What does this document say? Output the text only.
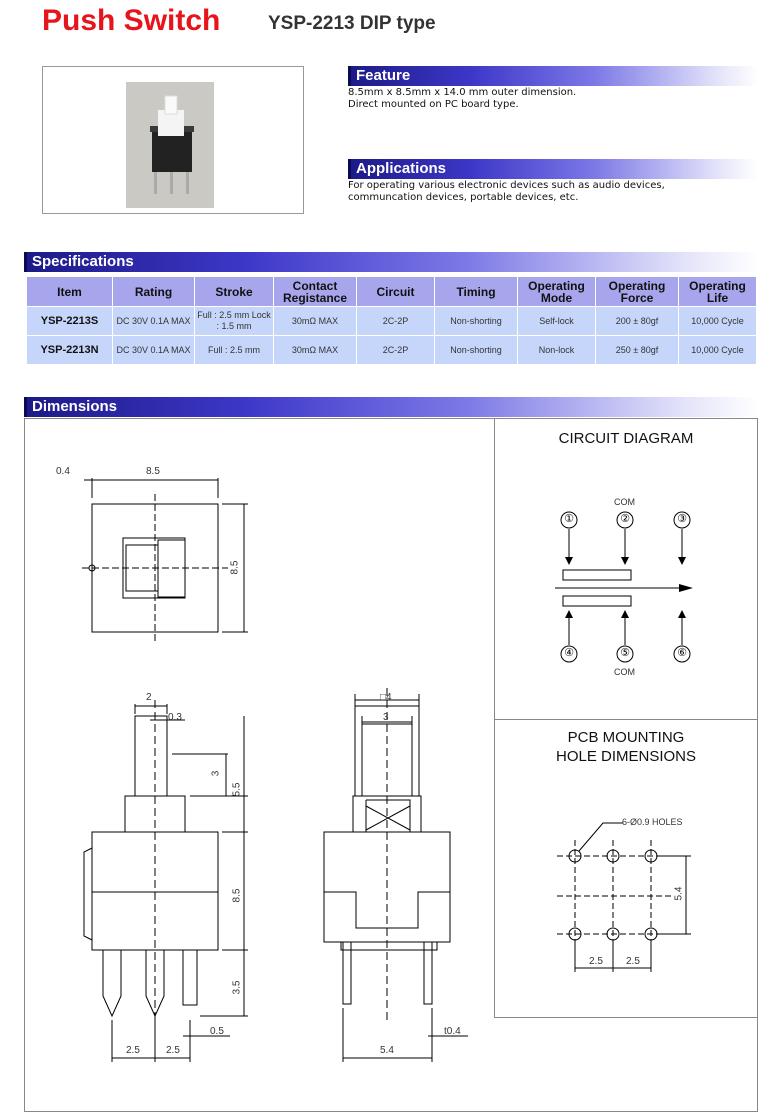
Push Switch	YSP-2213 DIP type
Feature
8.5mm x 8.5mm x 14.0 mm outer dimension.
Direct mounted on PC board type.
Applications
For operating various electronic devices such as audio devices,
communcation devices, portable devices, etc.
Specifications
Item	Rating	Stroke	Contact Registance	Circuit	Timing	Operating Mode	Operating Force	Operating Life
YSP-2213S	DC 30V 0.1A MAX	Full : 2.5 mm Lock : 1.5 mm	30mΩ MAX	2C-2P	Non-shorting	Self-lock	200 ± 80gf	10,000 Cycle
YSP-2213N	DC 30V 0.1A MAX	Full : 2.5 mm	30mΩ MAX	2C-2P	Non-shorting	Non-lock	250 ± 80gf	10,000 Cycle
Dimensions
0.4	8.5
8.5
2
0.3
3
5.5
8.5
3.5
0.5
2.5	2.5
□4
3
t0.4
5.4
CIRCUIT DIAGRAM
COM
COM
①	②	③
④	⑤	⑥
PCB MOUNTING
HOLE DIMENSIONS
6-Ø0.9 HOLES
2.5 2.5
5.4
